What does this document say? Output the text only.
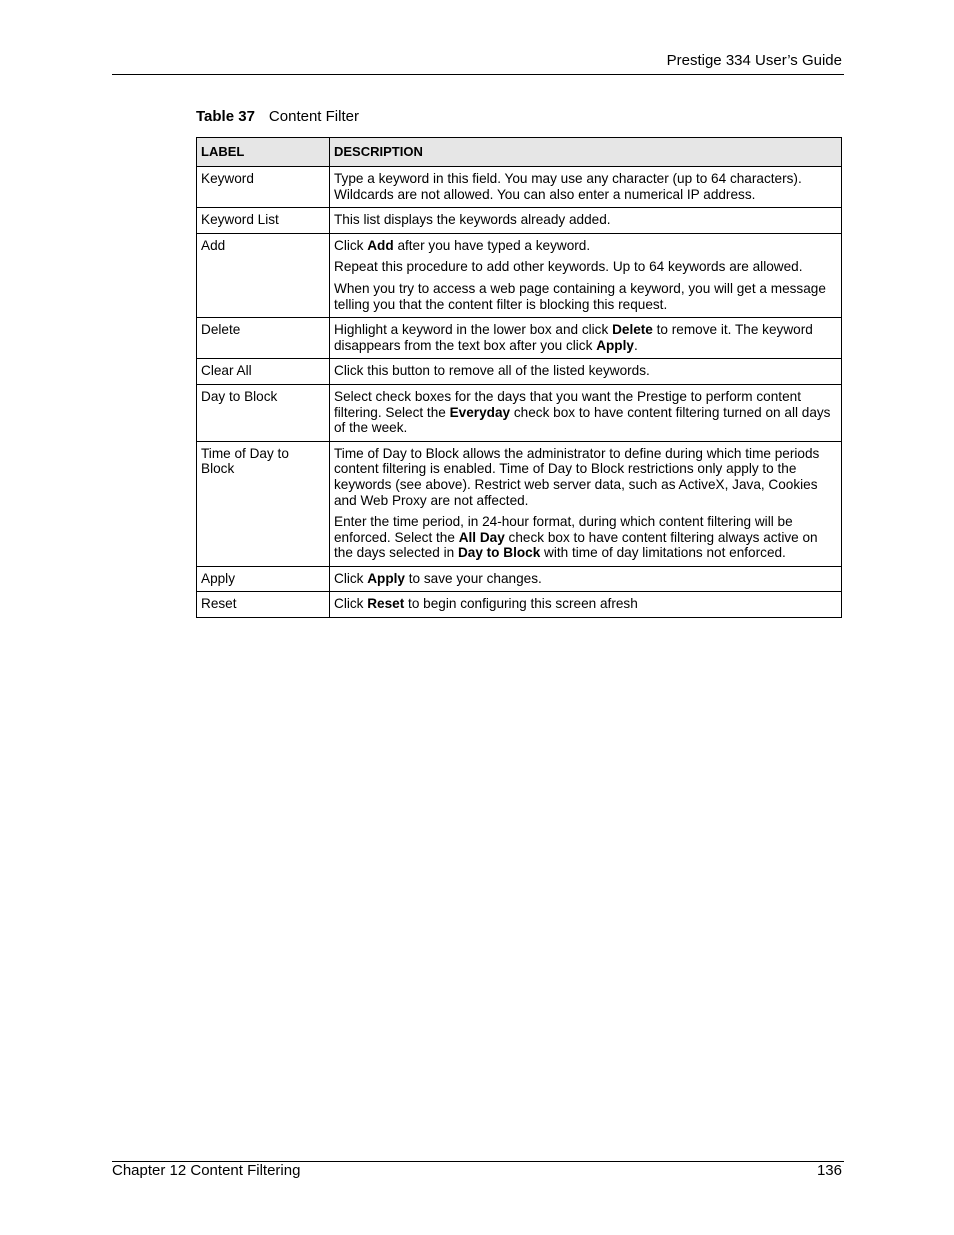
Prestige 334 User’s Guide
Table 37 Content Filter
LABEL	DESCRIPTION
Keyword	Type a keyword in this field. You may use any character (up to 64 characters). Wildcards are not allowed. You can also enter a numerical IP address.

Keyword List	This list displays the keywords already added.

Add	Click Add after you have typed a keyword.

Repeat this procedure to add other keywords. Up to 64 keywords are allowed.

When you try to access a web page containing a keyword, you will get a message telling you that the content filter is blocking this request.

Delete	Highlight a keyword in the lower box and click Delete to remove it. The keyword disappears from the text box after you click Apply.

Clear All	Click this button to remove all of the listed keywords.

Day to Block	Select check boxes for the days that you want the Prestige to perform content filtering. Select the Everyday check box to have content filtering turned on all days of the week.

Time of Day to Block	Time of Day to Block allows the administrator to define during which time periods content filtering is enabled. Time of Day to Block restrictions only apply to the keywords (see above). Restrict web server data, such as ActiveX, Java, Cookies and Web Proxy are not affected.

Enter the time period, in 24-hour format, during which content filtering will be enforced. Select the All Day check box to have content filtering always active on the days selected in Day to Block with time of day limitations not enforced.

Apply	Click Apply to save your changes.

Reset	Click Reset to begin configuring this screen afresh

Chapter 12 Content Filtering	136
